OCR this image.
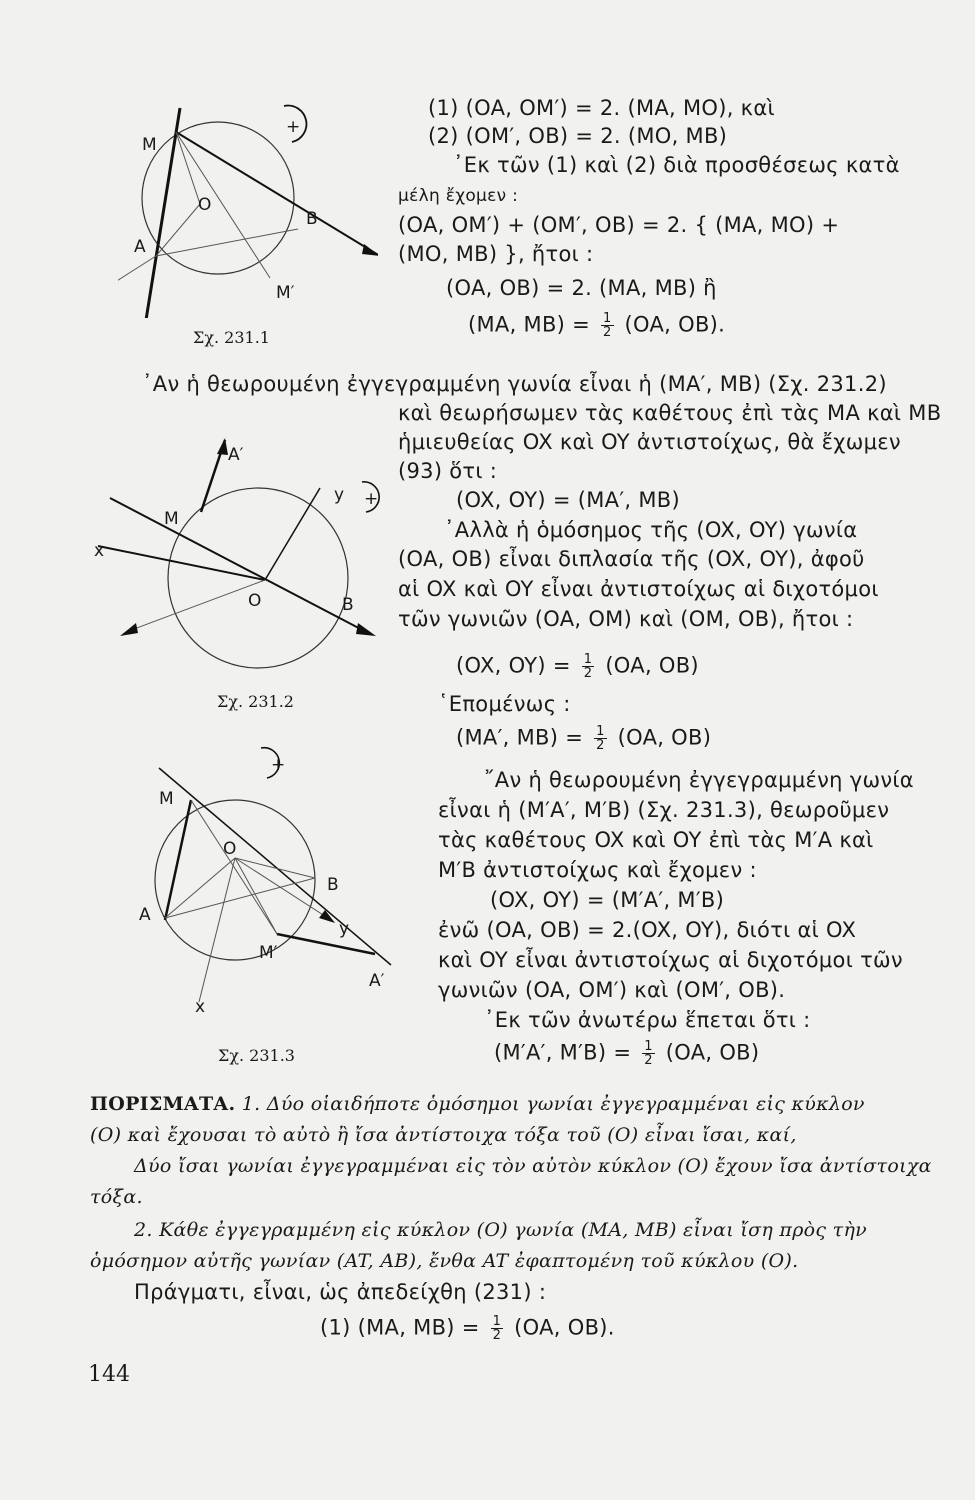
+
M
O
B
A
M′
Σχ. 231.1
+
A′
M
x
y
O	B
Σχ. 231.2
+
M
O
B
A
y
M′
A′
x
Σχ. 231.3
(1) (OA, OM′) = 2. (MA, MO), καὶ
(2) (OM′, OB) = 2. (MO, MB)
᾽Εκ τῶν (1) καὶ (2) διὰ προσθέσεως κατὰ
μέλη ἔχομεν :
(OA, OM′) + (OM′, OB) = 2. { (MA, MO) +
(MO, MB) }, ἤτοι :
(OA, OB) = 2. (MA, MB) ἢ
(MA, $MB) = \frac{1}{2} (OA$, OB).
᾽Αν ἡ θεωρουμένη ἐγγεγραμμένη γωνία εἶναι ἡ (MA′, MB) (Σχ. 231.2)
καὶ θεωρήσωμεν τὰς καθέτους ἐπὶ τὰς MA καὶ MB
ἡμιευθείας OX καὶ OY ἀντιστοίχως, θὰ ἔχωμεν
(93) ὅτι :
(OX, OY) = (MA′, MB)
᾽Αλλὰ ἡ ὁμόσημος τῆς (OX, OY) γωνία
(OA, OB) εἶναι διπλασία τῆς (OX, OY), ἀφοῦ
αἱ OX καὶ OY εἶναι ἀντιστοίχως αἱ διχοτόμοι
τῶν γωνιῶν (OA, OM) καὶ (OM, OB), ἤτοι :
(OX, $OY) = \frac{1}{2} (OA$, OB)
῾Επομένως :
(MA′, $MB) = \frac{1}{2} (OA$, OB)
῎Αν ἡ θεωρουμένη ἐγγεγραμμένη γωνία
εἶναι ἡ (M′A′, M′B) (Σχ. 231.3), θεωροῦμεν
τὰς καθέτους OX καὶ OY ἐπὶ τὰς M′A καὶ
M′B ἀντιστοίχως καὶ ἔχομεν :
(OX, OY) = (M′A′, M′B)
ἐνῶ (OA, OB) = 2.(OX, OY), διότι αἱ OX
καὶ OY εἶναι ἀντιστοίχως αἱ διχοτόμοι τῶν
γωνιῶν (OA, OM′) καὶ (OM′, OB).
᾽Εκ τῶν ἀνωτέρω ἕπεται ὅτι :
(M′A′, $M'B) = \frac{1}{2} (OA$, OB)
ΠΟΡΙΣΜΑΤΑ. 1. Δύο οἱαιδήποτε ὁμόσημοι γωνίαι ἐγγεγραμμέναι εἰς κύκλον
(O) καὶ ἔχουσαι τὸ αὐτὸ ἢ ἴσα ἀντίστοιχα τόξα τοῦ (O) εἶναι ἴσαι, καί,
Δύο ἴσαι γωνίαι ἐγγεγραμμέναι εἰς τὸν αὐτὸν κύκλον (O) ἔχουν ἴσα ἀντίστοιχα
τόξα.
2. Κάθε ἐγγεγραμμένη εἰς κύκλον (O) γωνία (MA, MB) εἶναι ἴση πρὸς τὴν
ὁμόσημον αὐτῆς γωνίαν (AT, AB), ἔνθα AT ἐφαπτομένη τοῦ κύκλου (O).
Πράγματι, εἶναι, ὡς ἀπεδείχθη (231) :
(1) (MA, $MB) = \frac{1}{2} (OA$, OB).
144
